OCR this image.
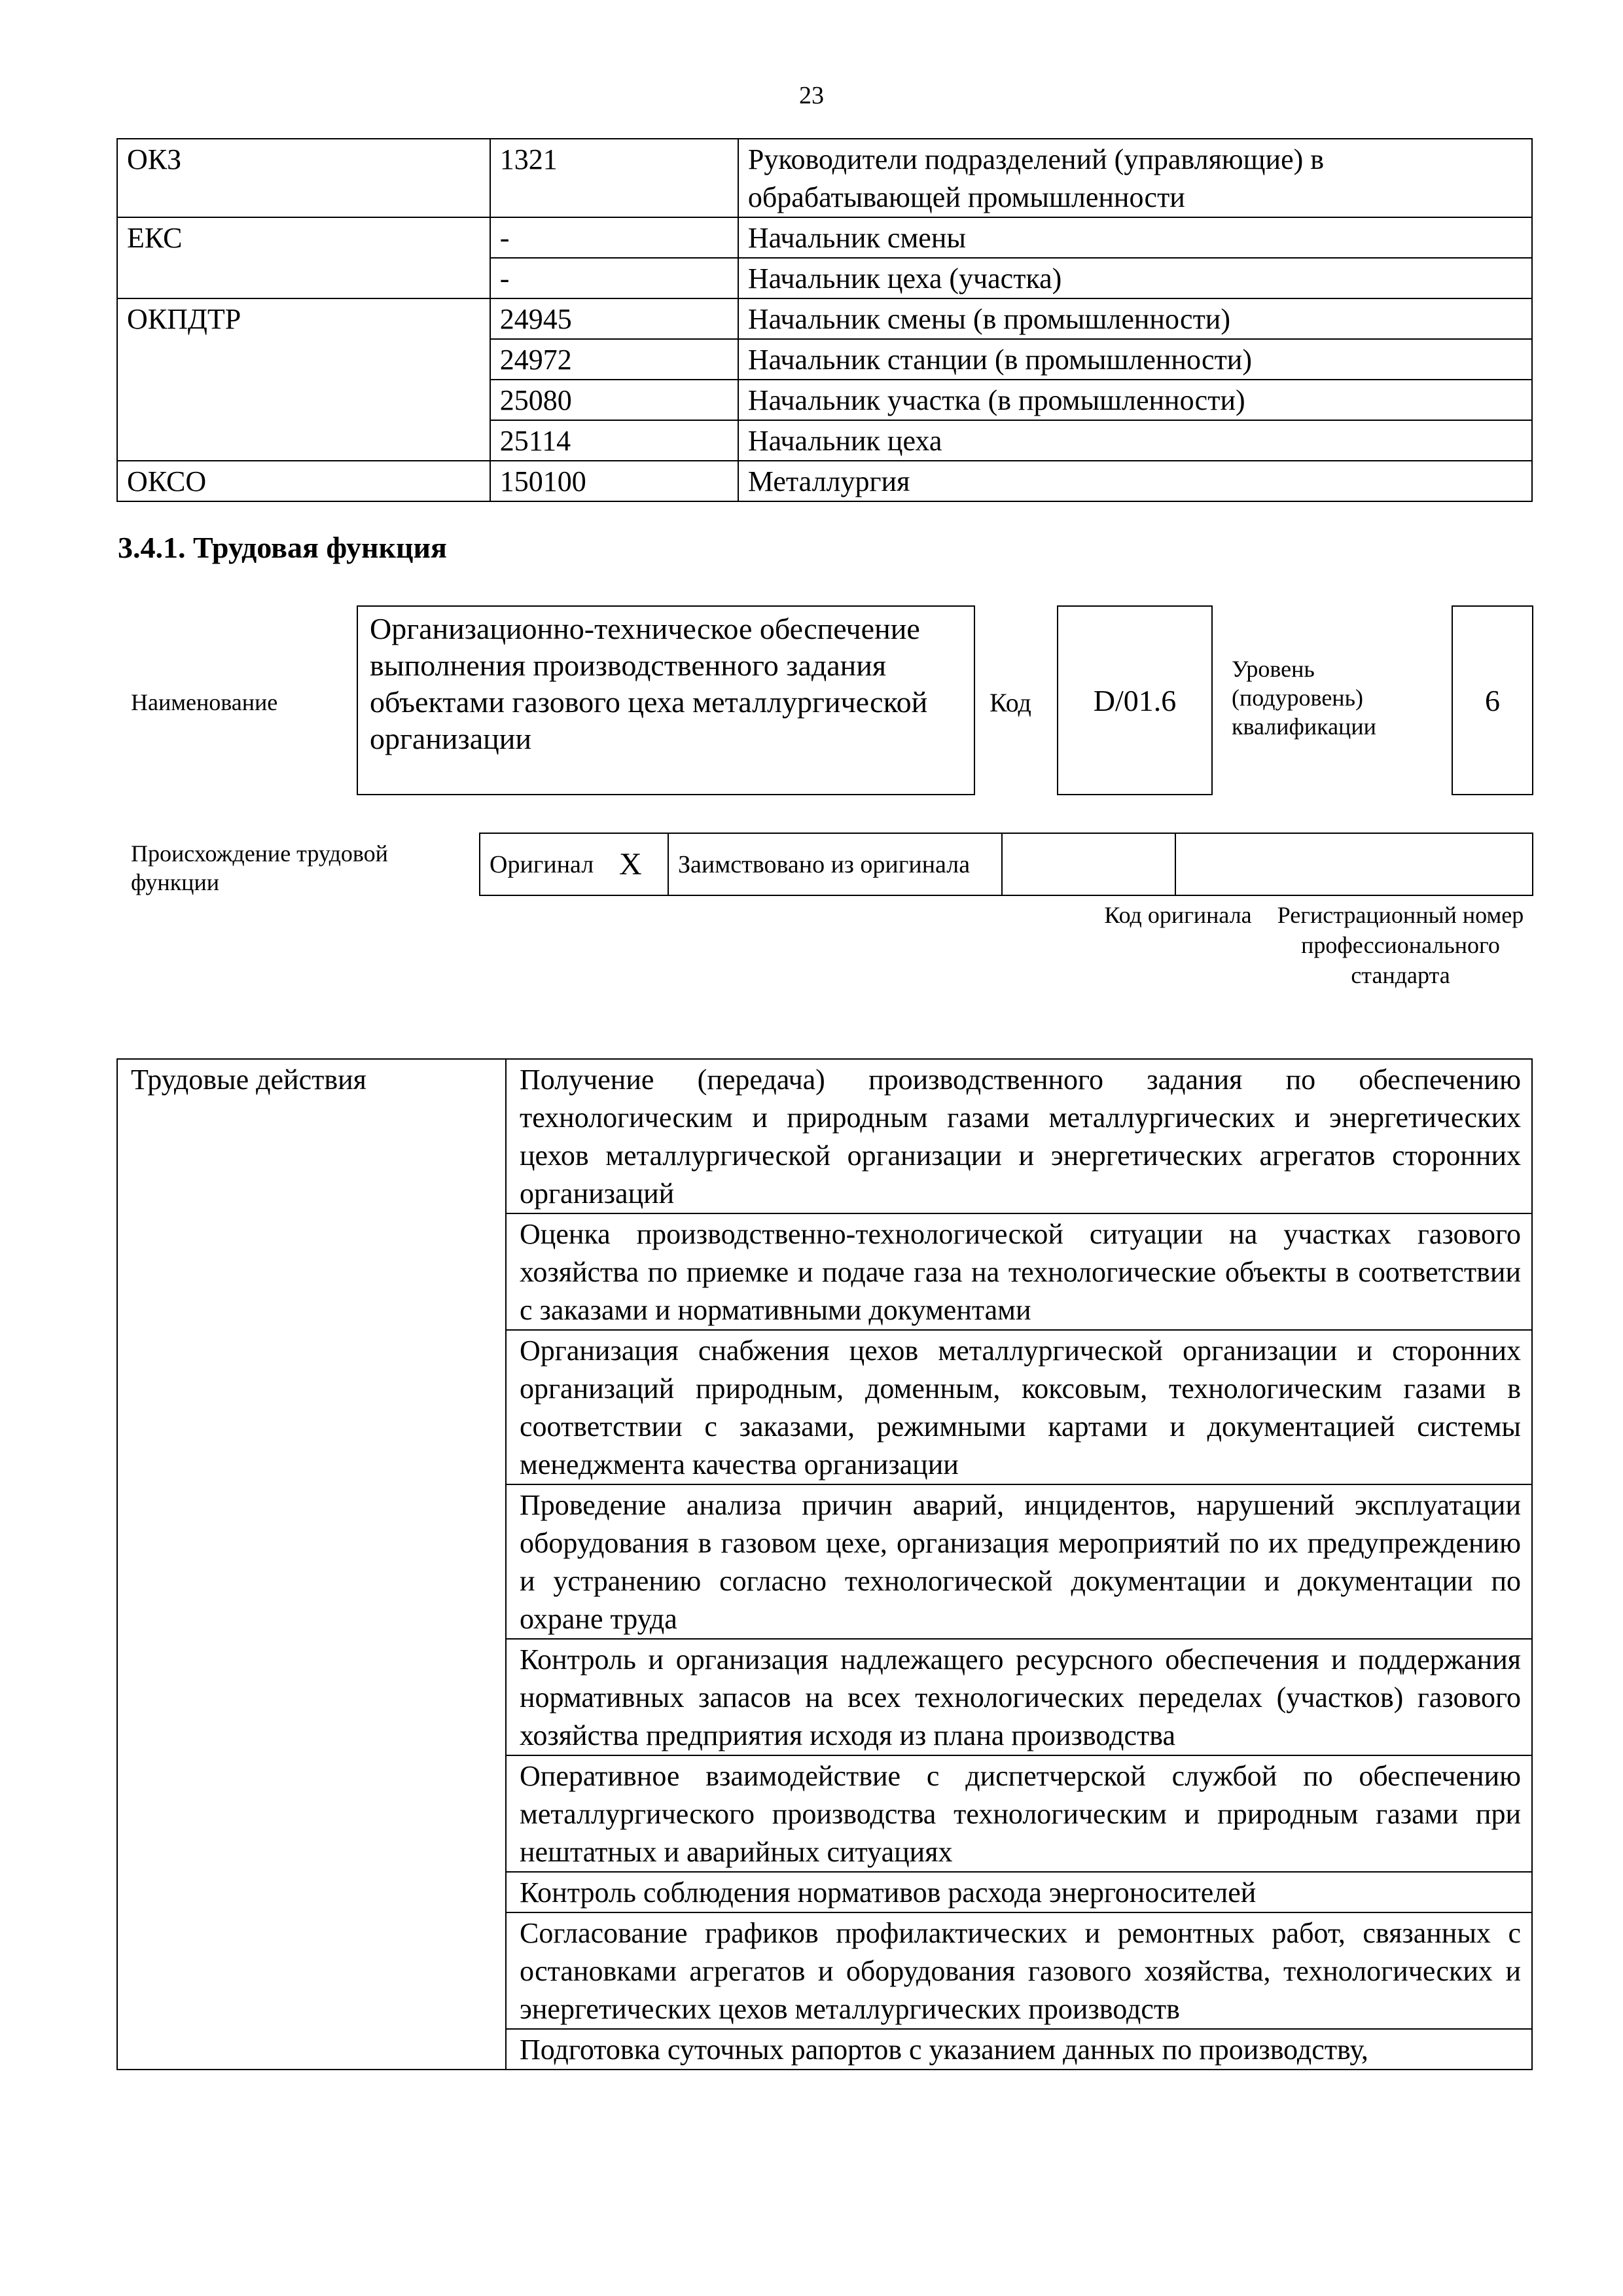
23
ОКЗ	1321	Руководители подразделений (управляющие) в обрабатывающей промышленности
ЕКС	-	Начальник смены
	-	Начальник цеха (участка)
ОКПДТР	24945	Начальник смены (в промышленности)
	24972	Начальник станции (в промышленности)
	25080	Начальник участка (в промышленности)
	25114	Начальник цеха
ОКСО	150100	Металлургия
3.4.1. Трудовая функция
Наименование
Организационно-техническое обеспечение выполнения производственного задания объектами газового цеха металлургической организации
Код	D/01.6
Уровень (подуровень) квалификации
6
Происхождение трудовой функции
Оригинал	X	Заимствовано из оригинала		
Код оригинала	Регистрационный номер профессионального стандарта
Трудовые действия	Получение (передача) производственного задания по обеспечению технологическим и природным газами металлургических и энергетических цехов металлургической организации и энергетических агрегатов сторонних организаций
Оценка производственно-технологической ситуации на участках газового хозяйства по приемке и подаче газа на технологические объекты в соответствии с заказами и нормативными документами
Организация снабжения цехов металлургической организации и сторонних организаций природным, доменным, коксовым, технологическим газами в соответствии с заказами, режимными картами и документацией системы менеджмента качества организации
Проведение анализа причин аварий, инцидентов, нарушений эксплуатации оборудования в газовом цехе, организация мероприятий по их предупреждению и устранению согласно технологической документации и документации по охране труда
Контроль и организация надлежащего ресурсного обеспечения и поддержания нормативных запасов на всех технологических переделах (участков) газового хозяйства предприятия исходя из плана производства
Оперативное взаимодействие с диспетчерской службой по обеспечению металлургического производства технологическим и природным газами при нештатных и аварийных ситуациях
Контроль соблюдения нормативов расхода энергоносителей
Согласование графиков профилактических и ремонтных работ, связанных с остановками агрегатов и оборудования газового хозяйства, технологических и энергетических цехов металлургических производств
Подготовка суточных рапортов с указанием данных по производству,
